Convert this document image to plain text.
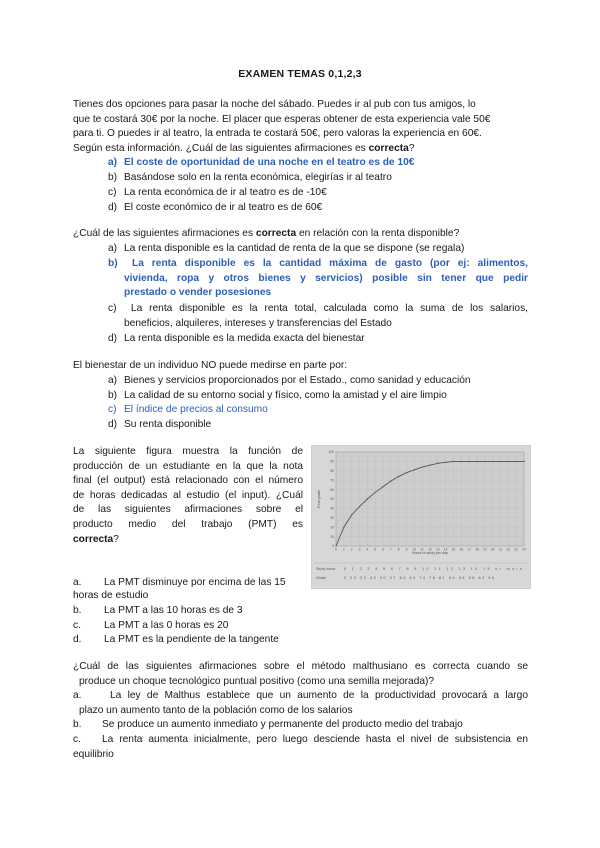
EXAMEN TEMAS 0,1,2,3
Tienes dos opciones para pasar la noche del sábado. Puedes ir al pub con tus amigos, lo
que te costará 30€ por la noche. El placer que esperas obtener de esta experiencia vale 50€
para ti. O puedes ir al teatro, la entrada te costará 50€, pero valoras la experiencia en 60€.
Según esta información. ¿Cuál de las siguientes afirmaciones es correcta?
a) El coste de oportunidad de una noche en el teatro es de 10€
b) Basándose solo en la renta económica, elegirías ir al teatro
c) La renta económica de ir al teatro es de -10€
d) El coste económico de ir al teatro es de 60€
¿Cuál de las siguientes afirmaciones es correcta en relación con la renta disponible?
a) La renta disponible es la cantidad de renta de la que se dispone (se regala)
b) La renta disponible es la cantidad máxima de gasto (por ej: alimentos,
vivienda, ropa y otros bienes y servicios) posible sin tener que pedir
prestado o vender posesiones
c) La renta disponible es la renta total, calculada como la suma de los salarios,
beneficios, alquileres, intereses y transferencias del Estado
d) La renta disponible es la medida exacta del bienestar
El bienestar de un individuo NO puede medirse en parte por:
a) Bienes y servicios proporcionados por el Estado., como sanidad y educación
b) La calidad de su entorno social y físico, como la amistad y el aire limpio
c) El índice de precios al consumo
d) Su renta disponible
La siguiente figura muestra la función de
producción de un estudiante en la que la nota
final (el output) está relacionado con el número
de horas dedicadas al estudio (el input). ¿Cuál
de las siguientes afirmaciones sobre el
producto medio del trabajo (PMT) es
correcta?
0 1 2 3 4 5 6 7 8 9 10 11 12 13 14 15 16 17 18 19 20 21 22 23 24
0
10
20
30
40
50
60
70
80
90
100
Hours of study per day
Final grade
Study hours
Grade
0 1 2 3 4 5 6 7 8 9 10 11 12 13 14 15 or more
0 20 33 42 50 57 63 69 74 78 81 84 86 88 89 90
a. La PMT disminuye por encima de las 15
horas de estudio
b. La PMT a las 10 horas es de 3
c. La PMT a las 0 horas es 20
d. La PMT es la pendiente de la tangente
¿Cuál de las siguientes afirmaciones sobre el método malthusiano es correcta cuando se
produce un choque tecnológico puntual positivo (como una semilla mejorada)?
a.	La ley de Malthus establece que un aumento de la productividad provocará a largo
plazo un aumento tanto de la población como de los salarios
b. Se produce un aumento inmediato y permanente del producto medio del trabajo
c. La renta aumenta inicialmente, pero luego desciende hasta el nivel de subsistencia en
equilibrio
